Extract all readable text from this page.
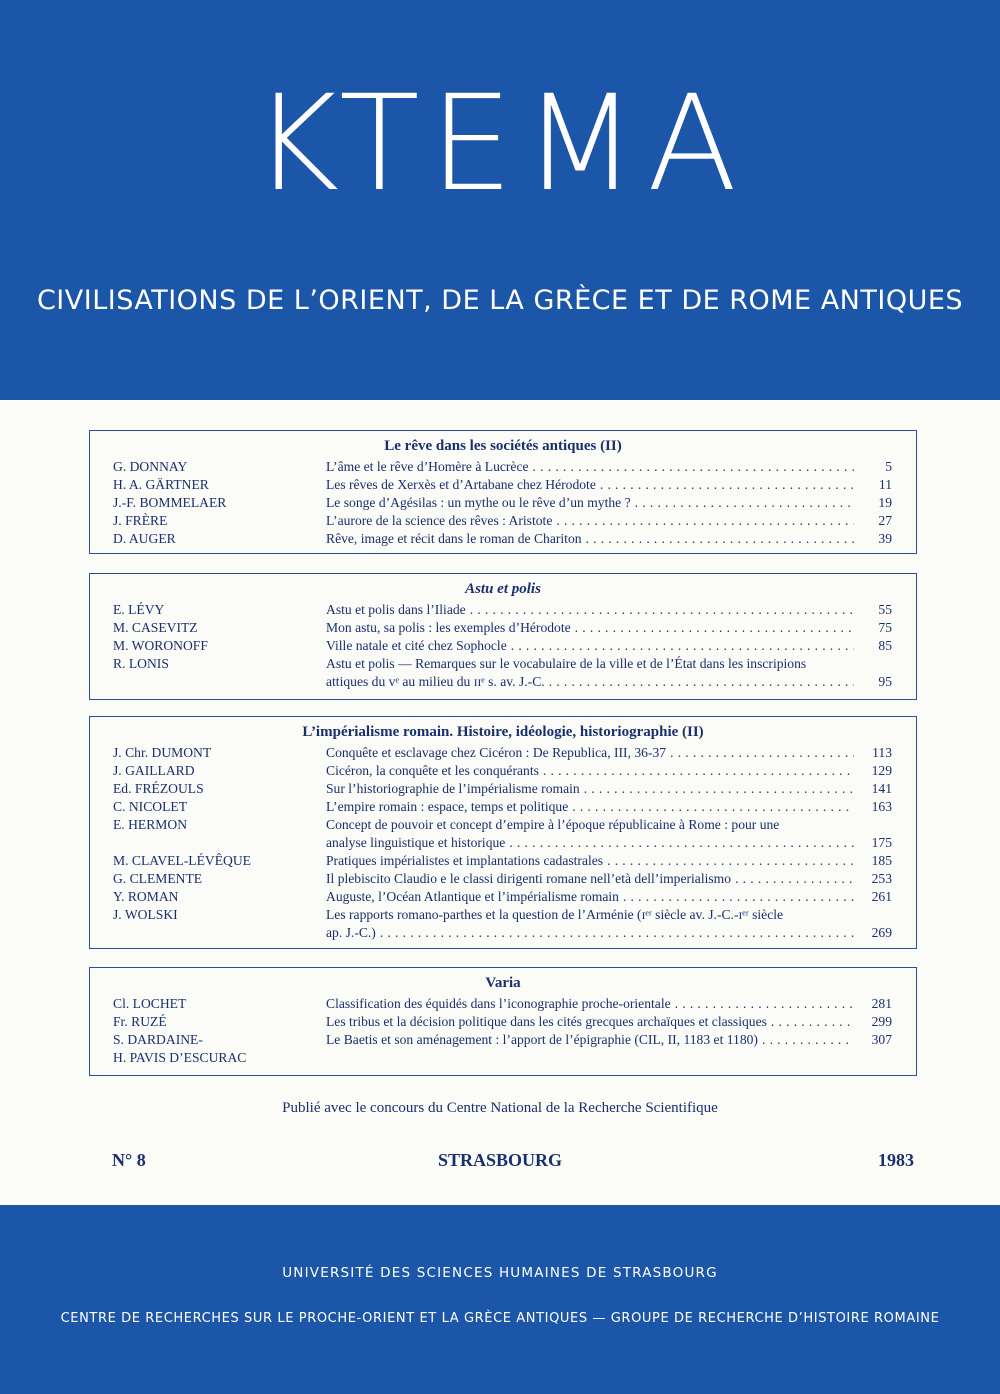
KTEMA
CIVILISATIONS DE L’ORIENT, DE LA GRÈCE ET DE ROME ANTIQUES
Le rêve dans les sociétés antiques (II)
G. DONNAY	L’âme et le rêve d’Homère à Lucrèce . . .	5
H. A. GÄRTNER	Les rêves de Xerxès et d’Artabane chez Hérodote . . .	11
J.-F. BOMMELAER	Le songe d’Agésilas : un mythe ou le rêve d’un mythe ? . . .	19
J. FRÈRE	L’aurore de la science des rêves : Aristote . . .	27
D. AUGER	Rêve, image et récit dans le roman de Chariton . . .	39
Astu et polis
E. LÉVY	Astu et polis dans l’Iliade . . .	55
M. CASEVITZ	Mon astu, sa polis : les exemples d’Hérodote . . .	75
M. WORONOFF	Ville natale et cité chez Sophocle . . .	85
R. LONIS	Astu et polis — Remarques sur le vocabulaire de la ville et de l’État dans les inscripions
attiques du vᵉ au milieu du ɪɪᵉ s. av. J.-C. . . .	95
L’impérialisme romain. Histoire, idéologie, historiographie (II)
J. Chr. DUMONT	Conquête et esclavage chez Cicéron : De Republica, III, 36-37 . . .	113
J. GAILLARD	Cicéron, la conquête et les conquérants . . .	129
Ed. FRÉZOULS	Sur l’historiographie de l’impérialisme romain . . .	141
C. NICOLET	L’empire romain : espace, temps et politique . . .	163
E. HERMON	Concept de pouvoir et concept d’empire à l’époque républicaine à Rome : pour une
analyse linguistique et historique . . .	175
M. CLAVEL-LÉVÊQUE	Pratiques impérialistes et implantations cadastrales . . .	185
G. CLEMENTE	Il plebiscito Claudio e le classi dirigenti romane nell’età dell’imperialismo . . .	253
Y. ROMAN	Auguste, l’Océan Atlantique et l’impérialisme romain . . .	261
J. WOLSKI	Les rapports romano-parthes et la question de l’Arménie (ɪᵉʳ siècle av. J.-C.-ɪᵉʳ siècle
ap. J.-C.) . . .	269
Varia
Cl. LOCHET	Classification des équidés dans l’iconographie proche-orientale . . .	281
Fr. RUZÉ	Les tribus et la décision politique dans les cités grecques archaïques et classiques . . .	299
S. DARDAINE-	Le Baetis et son aménagement : l’apport de l’épigraphie (CIL, II, 1183 et 1180) . . .	307
H. PAVIS D’ESCURAC

Publié avec le concours du Centre National de la Recherche Scientifique
N° 8	STRASBOURG	1983
UNIVERSITÉ DES SCIENCES HUMAINES DE STRASBOURG
CENTRE DE RECHERCHES SUR LE PROCHE-ORIENT ET LA GRÈCE ANTIQUES — GROUPE DE RECHERCHE D’HISTOIRE ROMAINE
